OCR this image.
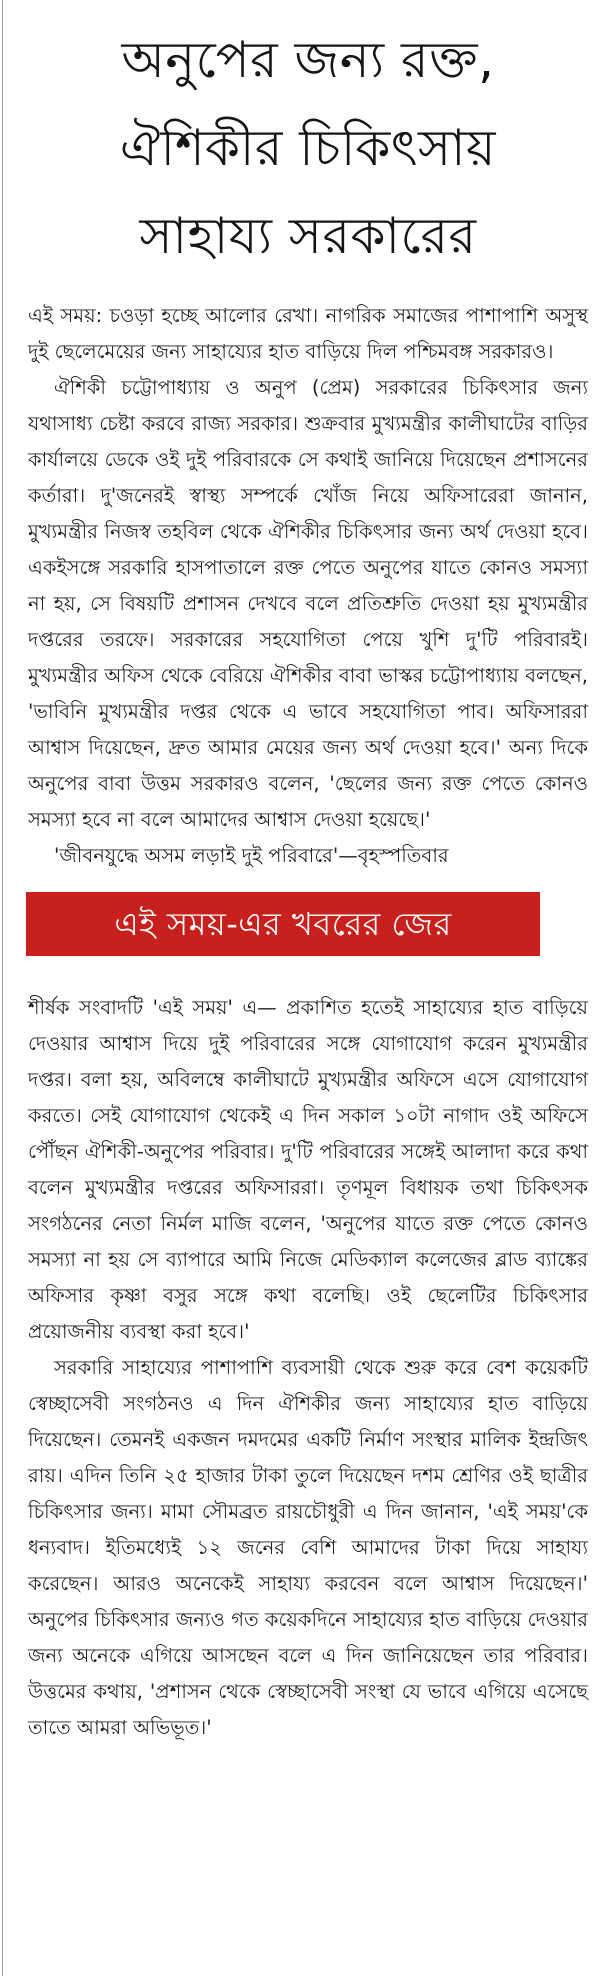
অনুপের জন্য রক্ত,
ঐশিকীর চিকিৎসায়
সাহায্য সরকারের

এই সময়: চওড়া হচ্ছে আলোর রেখা। নাগরিক সমাজের পাশাপাশি অসুস্থ দুই ছেলেমেয়ের জন্য সাহায্যের হাত বাড়িয়ে দিল পশ্চিমবঙ্গ সরকারও।

ঐশিকী চট্টোপাধ্যায় ও অনুপ (প্রেম) সরকারের চিকিৎসার জন্য যথাসাধ্য চেষ্টা করবে রাজ্য সরকার। শুক্রবার মুখ্যমন্ত্রীর কালীঘাটের বাড়ির কার্যালয়ে ডেকে ওই দুই পরিবারকে সে কথাই জানিয়ে দিয়েছেন প্রশাসনের কর্তারা। দু'জনেরই স্বাস্থ্য সম্পর্কে খোঁজ নিয়ে অফিসারেরা জানান, মুখ্যমন্ত্রীর নিজস্ব তহবিল থেকে ঐশিকীর চিকিৎসার জন্য অর্থ দেওয়া হবে। একইসঙ্গে সরকারি হাসপাতালে রক্ত পেতে অনুপের যাতে কোনও সমস্যা না হয়, সে বিষয়টি প্রশাসন দেখবে বলে প্রতিশ্রুতি দেওয়া হয় মুখ্যমন্ত্রীর দপ্তরের তরফে। সরকারের সহযোগিতা পেয়ে খুশি দু'টি পরিবারই। মুখ্যমন্ত্রীর অফিস থেকে বেরিয়ে ঐশিকীর বাবা ভাস্কর চট্টোপাধ্যায় বলছেন, 'ভাবিনি মুখ্যমন্ত্রীর দপ্তর থেকে এ ভাবে সহযোগিতা পাব। অফিসাররা আশ্বাস দিয়েছেন, দ্রুত আমার মেয়ের জন্য অর্থ দেওয়া হবে।' অন্য দিকে অনুপের বাবা উত্তম সরকারও বলেন, 'ছেলের জন্য রক্ত পেতে কোনও সমস্যা হবে না বলে আমাদের আশ্বাস দেওয়া হয়েছে।'

'জীবনযুদ্ধে অসম লড়াই দুই পরিবারে'—বৃহস্পতিবার

এই সময়-এর খবরের জের

শীর্ষক সংবাদটি 'এই সময়' এ— প্রকাশিত হতেই সাহায্যের হাত বাড়িয়ে দেওয়ার আশ্বাস দিয়ে দুই পরিবারের সঙ্গে যোগাযোগ করেন মুখ্যমন্ত্রীর দপ্তর। বলা হয়, অবিলম্বে কালীঘাটে মুখ্যমন্ত্রীর অফিসে এসে যোগাযোগ করতে। সেই যোগাযোগ থেকেই এ দিন সকাল ১০টা নাগাদ ওই অফিসে পৌঁছন ঐশিকী-অনুপের পরিবার। দু'টি পরিবারের সঙ্গেই আলাদা করে কথা বলেন মুখ্যমন্ত্রীর দপ্তরের অফিসাররা। তৃণমূল বিধায়ক তথা চিকিৎসক সংগঠনের নেতা নির্মল মাজি বলেন, 'অনুপের যাতে রক্ত পেতে কোনও সমস্যা না হয় সে ব্যাপারে আমি নিজে মেডিক্যাল কলেজের ব্লাড ব্যাঙ্কের অফিসার কৃষ্ণা বসুর সঙ্গে কথা বলেছি। ওই ছেলেটির চিকিৎসার প্রয়োজনীয় ব্যবস্থা করা হবে।'

সরকারি সাহায্যের পাশাপাশি ব্যবসায়ী থেকে শুরু করে বেশ কয়েকটি স্বেচ্ছাসেবী সংগঠনও এ দিন ঐশিকীর জন্য সাহায্যের হাত বাড়িয়ে দিয়েছেন। তেমনই একজন দমদমের একটি নির্মাণ সংস্থার মালিক ইন্দ্রজিৎ রায়। এদিন তিনি ২৫ হাজার টাকা তুলে দিয়েছেন দশম শ্রেণির ওই ছাত্রীর চিকিৎসার জন্য। মামা সৌমব্রত রায়চৌধুরী এ দিন জানান, 'এই সময়'কে ধন্যবাদ। ইতিমধ্যেই ১২ জনের বেশি আমাদের টাকা দিয়ে সাহায্য করেছেন। আরও অনেকেই সাহায্য করবেন বলে আশ্বাস দিয়েছেন।' অনুপের চিকিৎসার জন্যও গত কয়েকদিনে সাহায্যের হাত বাড়িয়ে দেওয়ার জন্য অনেকে এগিয়ে আসছেন বলে এ দিন জানিয়েছেন তার পরিবার। উত্তমের কথায়, 'প্রশাসন থেকে স্বেচ্ছাসেবী সংস্থা যে ভাবে এগিয়ে এসেছে তাতে আমরা অভিভূত।'
